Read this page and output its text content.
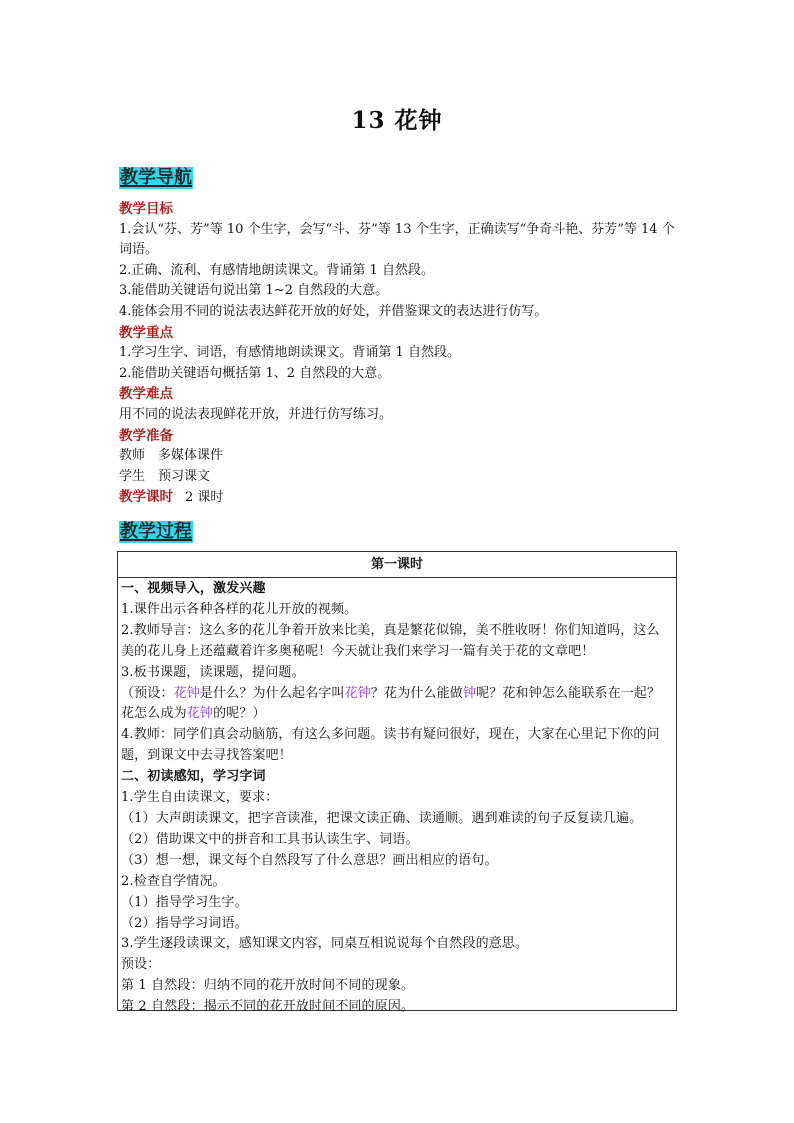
13 花钟
教学导航

教学目标

1.会认“芬、芳”等 10 个生字，会写“斗、芬”等 13 个生字，正确读写“争奇斗艳、芬芳”等 14 个词语。

2.正确、流利、有感情地朗读课文。背诵第 1 自然段。

3.能借助关键语句说出第 1~2 自然段的大意。

4.能体会用不同的说法表达鲜花开放的好处，并借鉴课文的表达进行仿写。

教学重点

1.学习生字、词语，有感情地朗读课文。背诵第 1 自然段。

2.能借助关键语句概括第 1、2 自然段的大意。

教学难点

用不同的说法表现鲜花开放，并进行仿写练习。

教学准备

教师　多媒体课件

学生　预习课文

教学课时 2 课时

教学过程
第一课时

一、视频导入，激发兴趣

1.课件出示各种各样的花儿开放的视频。

2.教师导言：这么多的花儿争着开放来比美，真是繁花似锦，美不胜收呀！你们知道吗，这么美的花儿身上还蕴藏着许多奥秘呢！今天就让我们来学习一篇有关于花的文章吧！

3.板书课题，读课题，提问题。

（预设：花钟是什么？为什么起名字叫花钟？花为什么能做钟呢？花和钟怎么能联系在一起？花怎么成为花钟的呢？）

4.教师：同学们真会动脑筋，有这么多问题。读书有疑问很好，现在，大家在心里记下你的问题，到课文中去寻找答案吧！

二、初读感知，学习字词

1.学生自由读课文，要求：

（1）大声朗读课文，把字音读准，把课文读正确、读通顺。遇到难读的句子反复读几遍。

（2）借助课文中的拼音和工具书认读生字、词语。

（3）想一想，课文每个自然段写了什么意思？画出相应的语句。

2.检查自学情况。

（1）指导学习生字。

（2）指导学习词语。

3.学生逐段读课文，感知课文内容，同桌互相说说每个自然段的意思。

预设：

第 1 自然段：归纳不同的花开放时间不同的现象。

第 2 自然段：揭示不同的花开放时间不同的原因。
